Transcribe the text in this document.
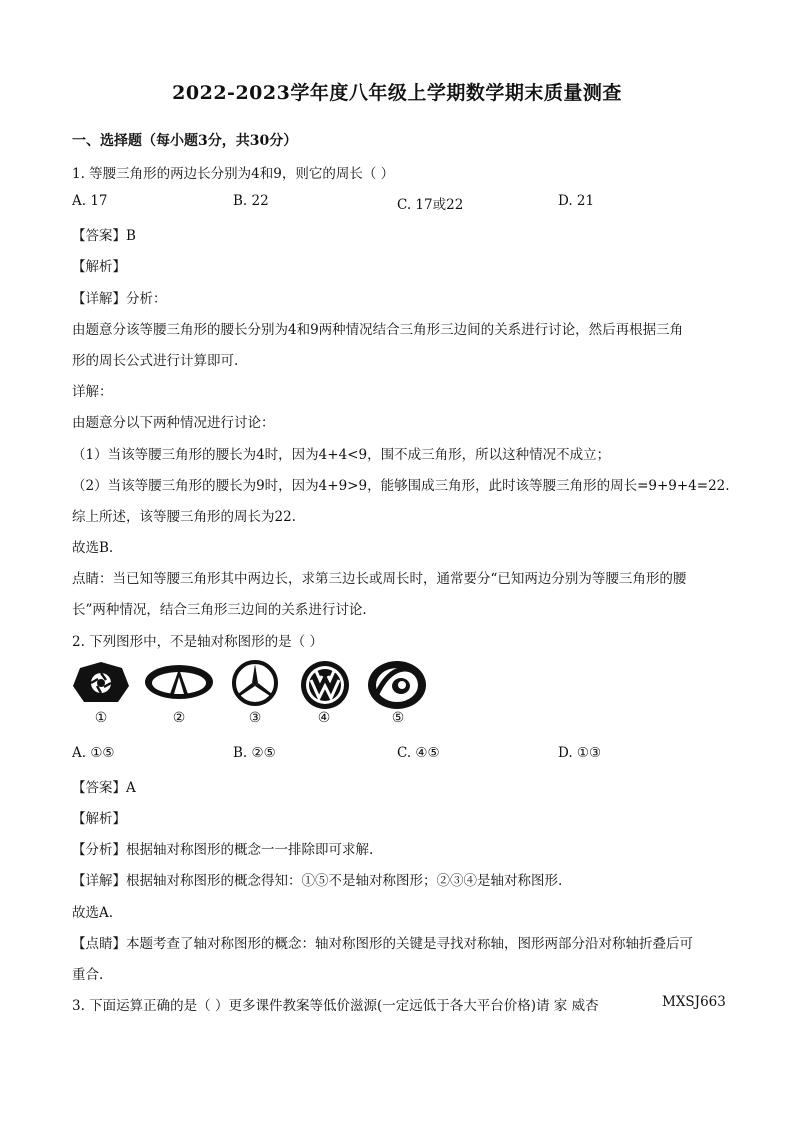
2022-2023学年度八年级上学期数学期末质量测查
一、选择题（每小题3分，共30分）
1. 等腰三角形的两边长分别为4和9，则它的周长（ ）
A. 17	B. 22	C. 17或22	D. 21
【答案】B
【解析】
【详解】分析：
由题意分该等腰三角形的腰长分别为4和9两种情况结合三角形三边间的关系进行讨论，然后再根据三角
形的周长公式进行计算即可.
详解：
由题意分以下两种情况进行讨论：
（1）当该等腰三角形的腰长为4时，因为4+4<9，围不成三角形，所以这种情况不成立；
（2）当该等腰三角形的腰长为9时，因为4+9>9，能够围成三角形，此时该等腰三角形的周长=9+9+4=22.
综上所述，该等腰三角形的周长为22.
故选B.
点睛：当已知等腰三角形其中两边长，求第三边长或周长时，通常要分“已知两边分别为等腰三角形的腰
长”两种情况，结合三角形三边间的关系进行讨论.
2. 下列图形中，不是轴对称图形的是（ ）
①	②	③	④	⑤
A. ①⑤	B. ②⑤	C. ④⑤	D. ①③
【答案】A
【解析】
【分析】根据轴对称图形的概念一一排除即可求解.
【详解】根据轴对称图形的概念得知：①⑤不是轴对称图形；②③④是轴对称图形.
故选A.
【点睛】本题考查了轴对称图形的概念：轴对称图形的关键是寻找对称轴，图形两部分沿对称轴折叠后可
重合.
3. 下面运算正确的是（ ）更多课件教案等低价滋源(一定远低于各大平台价格)请 家 威杏	MXSJ663
